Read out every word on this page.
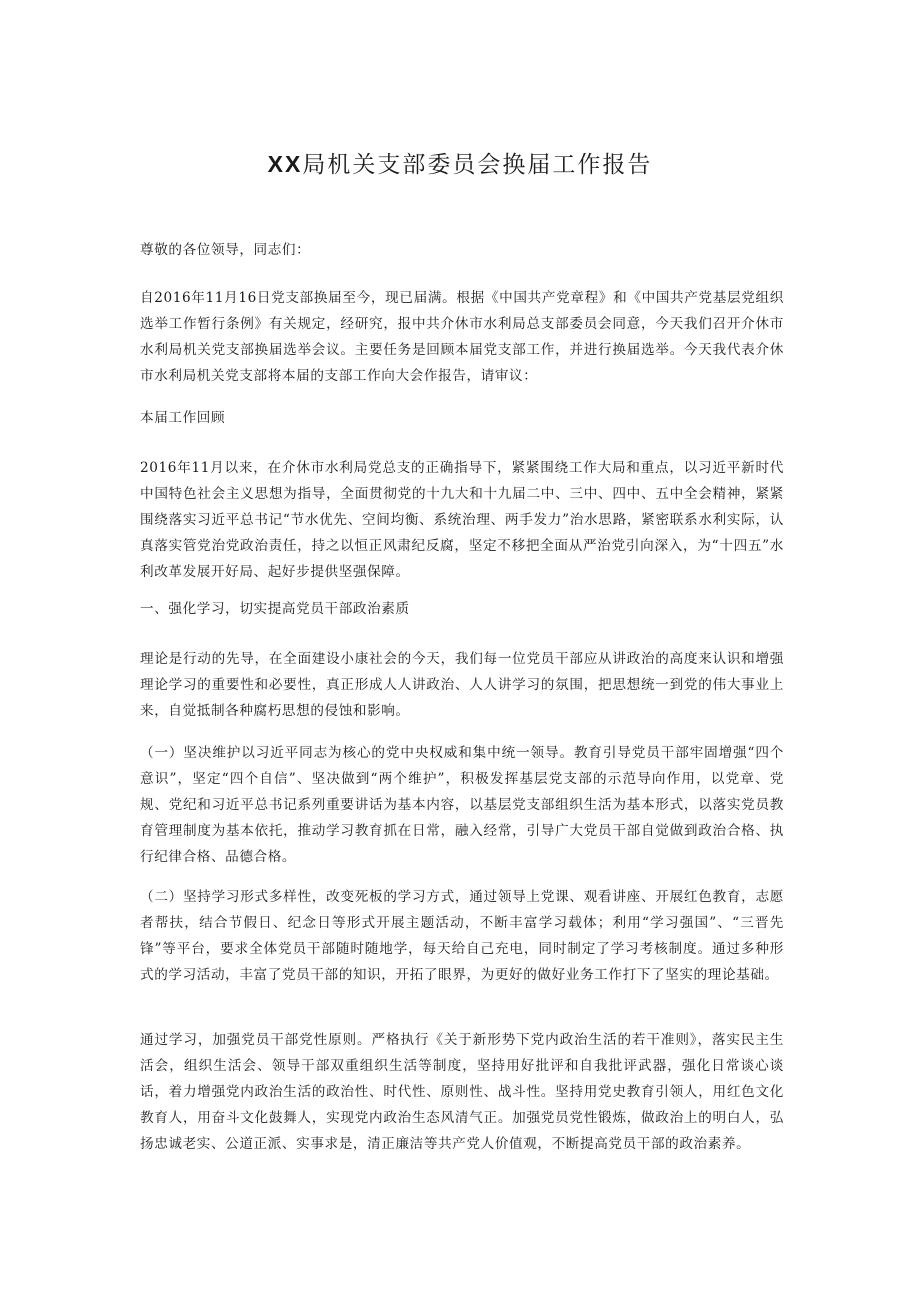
XX局机关支部委员会换届工作报告

尊敬的各位领导，同志们：

自2016年11月16日党支部换届至今，现已届满。根据《中国共产党章程》和《中国共产党基层党组织选举工作暂行条例》有关规定，经研究，报中共介休市水利局总支部委员会同意，今天我们召开介休市水利局机关党支部换届选举会议。主要任务是回顾本届党支部工作，并进行换届选举。今天我代表介休市水利局机关党支部将本届的支部工作向大会作报告，请审议：

本届工作回顾

2016年11月以来，在介休市水利局党总支的正确指导下，紧紧围绕工作大局和重点，以习近平新时代中国特色社会主义思想为指导，全面贯彻党的十九大和十九届二中、三中、四中、五中全会精神，紧紧围绕落实习近平总书记“节水优先、空间均衡、系统治理、两手发力”治水思路，紧密联系水利实际，认真落实管党治党政治责任，持之以恒正风肃纪反腐，坚定不移把全面从严治党引向深入，为“十四五”水利改革发展开好局、起好步提供坚强保障。

一、强化学习，切实提高党员干部政治素质

理论是行动的先导，在全面建设小康社会的今天，我们每一位党员干部应从讲政治的高度来认识和增强理论学习的重要性和必要性，真正形成人人讲政治、人人讲学习的氛围，把思想统一到党的伟大事业上来，自觉抵制各种腐朽思想的侵蚀和影响。

（一）坚决维护以习近平同志为核心的党中央权威和集中统一领导。教育引导党员干部牢固增强“四个意识”，坚定“四个自信”、坚决做到“两个维护”，积极发挥基层党支部的示范导向作用，以党章、党规、党纪和习近平总书记系列重要讲话为基本内容，以基层党支部组织生活为基本形式，以落实党员教育管理制度为基本依托，推动学习教育抓在日常，融入经常，引导广大党员干部自觉做到政治合格、执行纪律合格、品德合格。

（二）坚持学习形式多样性，改变死板的学习方式，通过领导上党课、观看讲座、开展红色教育，志愿者帮扶，结合节假日、纪念日等形式开展主题活动，不断丰富学习载体；利用“学习强国”、“三晋先锋”等平台，要求全体党员干部随时随地学，每天给自己充电，同时制定了学习考核制度。通过多种形式的学习活动，丰富了党员干部的知识，开拓了眼界，为更好的做好业务工作打下了坚实的理论基础。

通过学习，加强党员干部党性原则。严格执行《关于新形势下党内政治生活的若干准则》，落实民主生活会，组织生活会、领导干部双重组织生活等制度，坚持用好批评和自我批评武器，强化日常谈心谈话，着力增强党内政治生活的政治性、时代性、原则性、战斗性。坚持用党史教育引领人，用红色文化教育人，用奋斗文化鼓舞人，实现党内政治生态风清气正。加强党员党性锻炼，做政治上的明白人，弘扬忠诚老实、公道正派、实事求是，清正廉洁等共产党人价值观，不断提高党员干部的政治素养。
